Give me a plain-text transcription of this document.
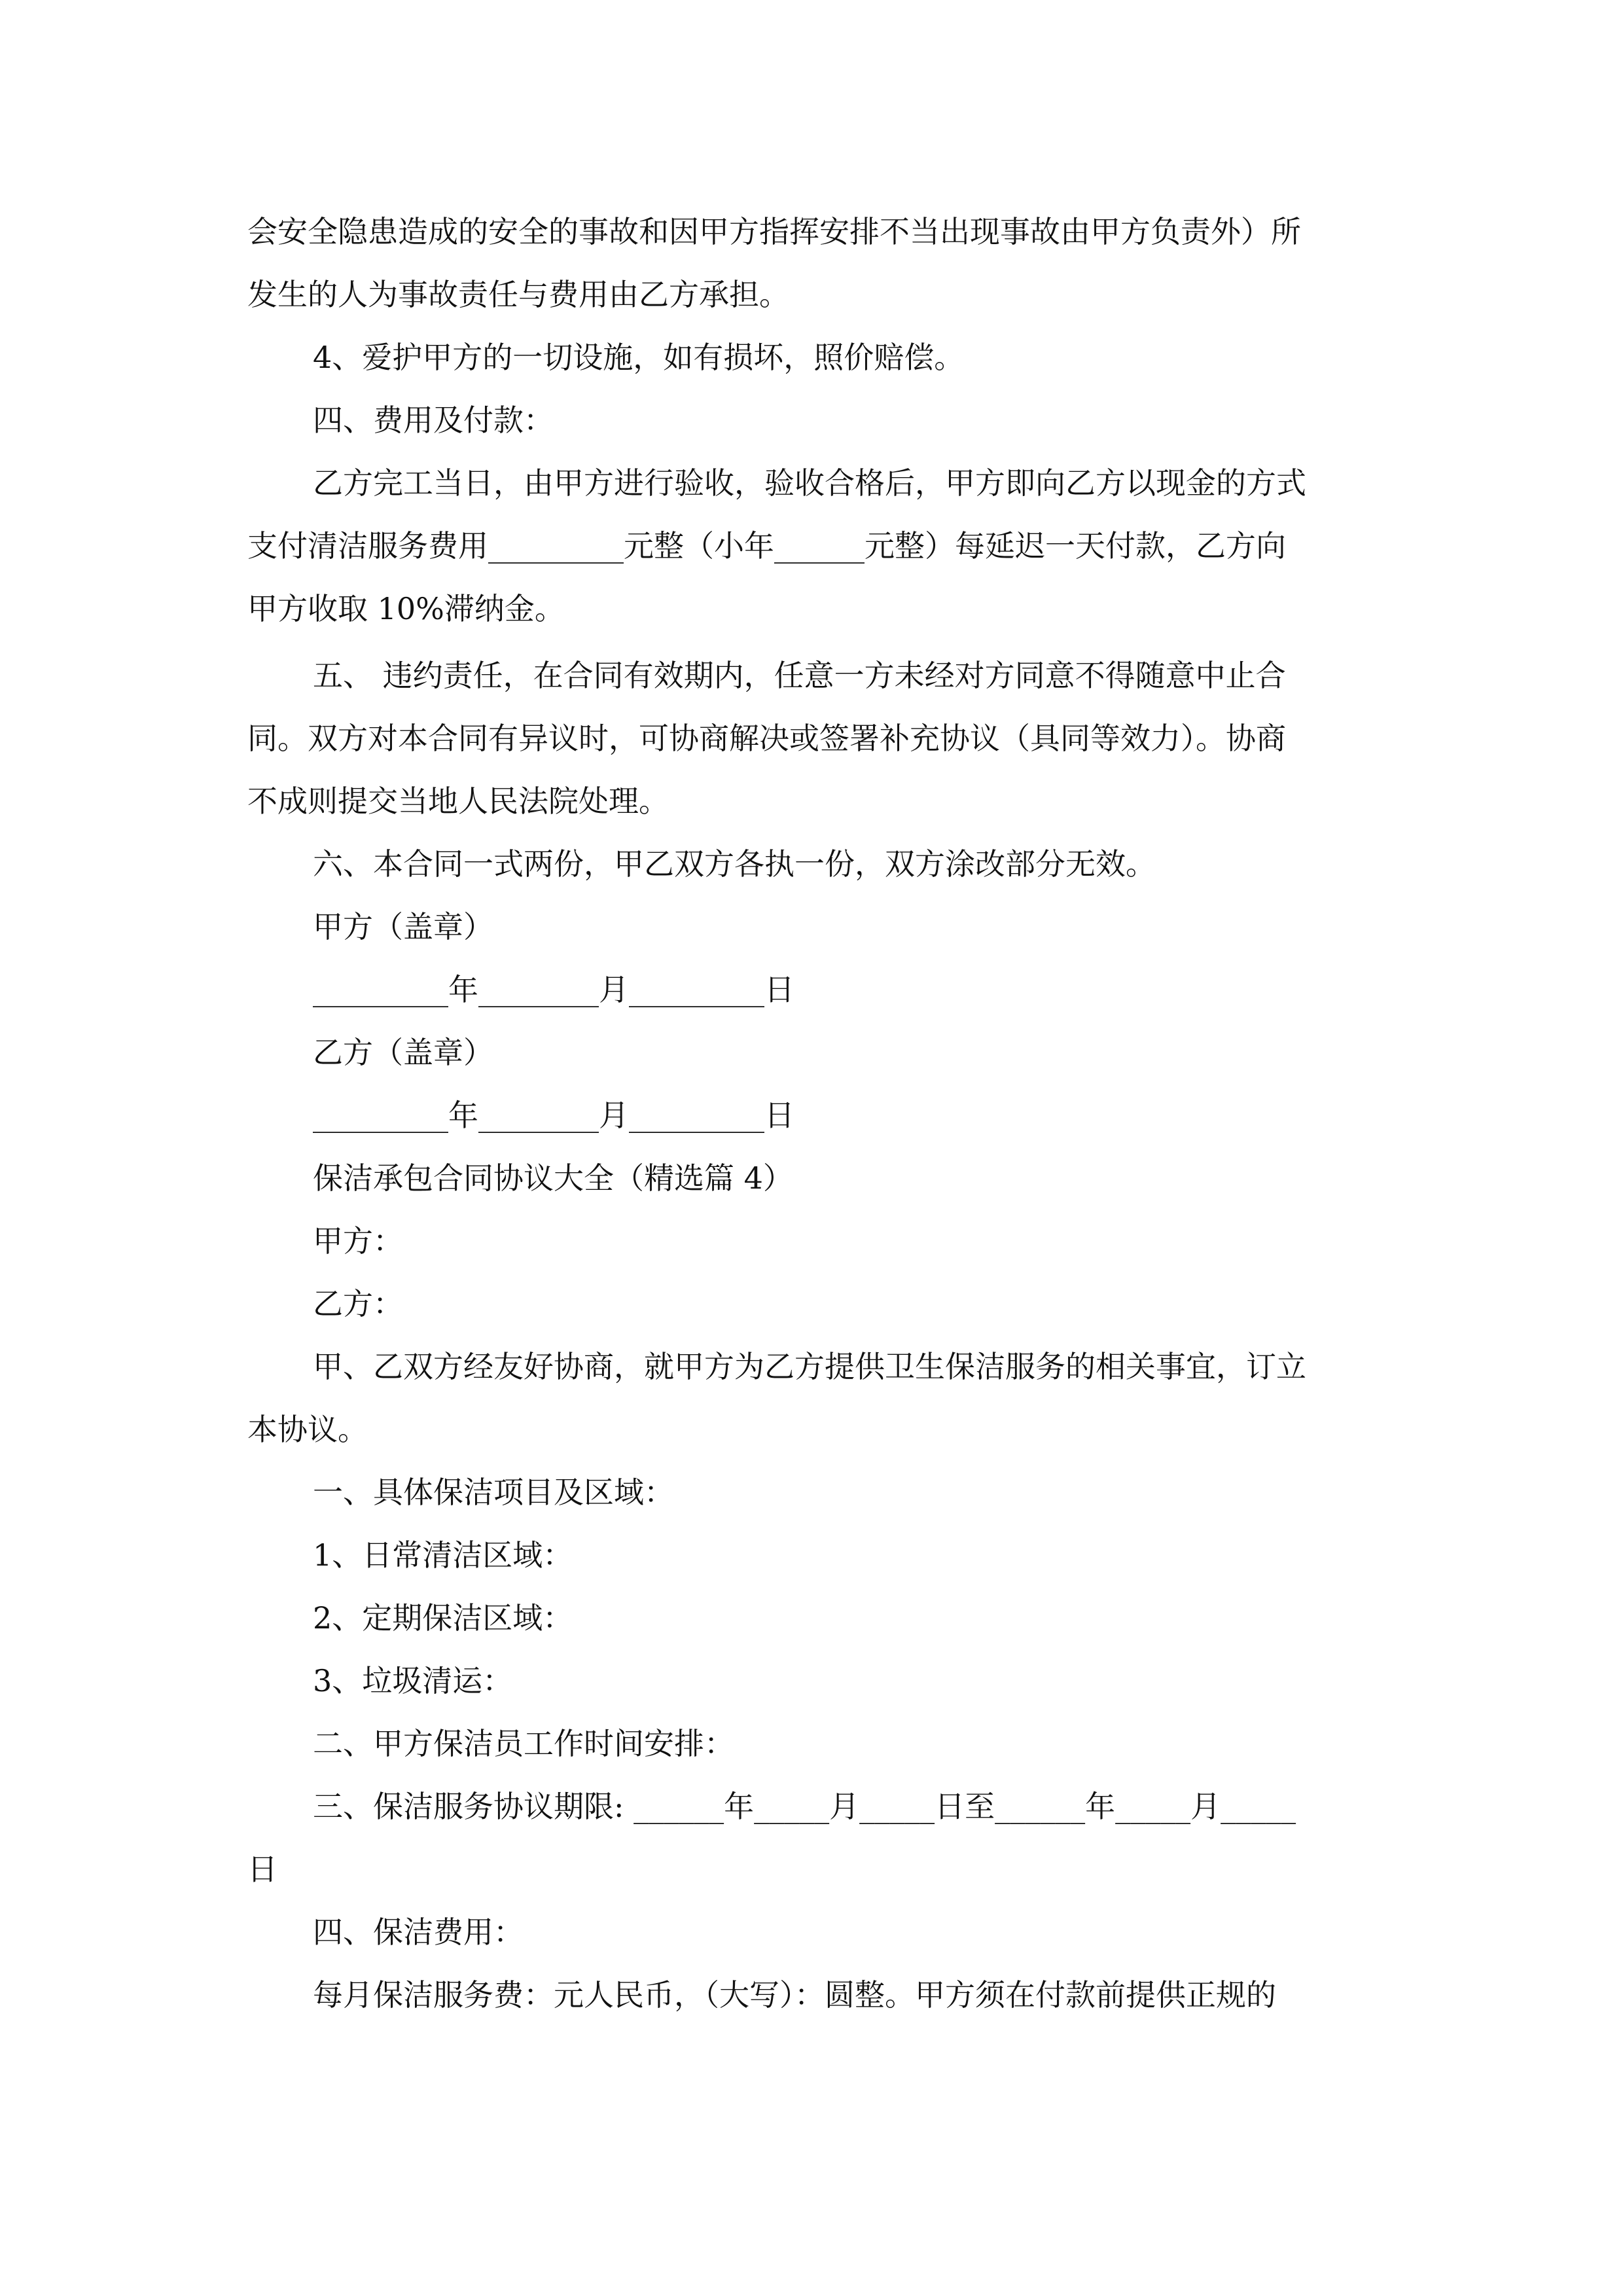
会安全隐患造成的安全的事故和因甲方指挥安排不当出现事故由甲方负责外）所
发生的人为事故责任与费用由乙方承担。
4、爱护甲方的一切设施，如有损坏，照价赔偿。
四、费用及付款：
乙方完工当日，由甲方进行验收，验收合格后，甲方即向乙方以现金的方式
支付清洁服务费用_________元整（小年______元整）每延迟一天付款，乙方向
甲方收取 10%滞纳金。
五、 违约责任，在合同有效期内，任意一方未经对方同意不得随意中止合
同。双方对本合同有异议时，可协商解决或签署补充协议（具同等效力）。协商
不成则提交当地人民法院处理。
六、本合同一式两份，甲乙双方各执一份，双方涂改部分无效。
甲方（盖章）
_________年________月_________日
乙方（盖章）
_________年________月_________日
保洁承包合同协议大全（精选篇 4）
甲方：
乙方：
甲、乙双方经友好协商，就甲方为乙方提供卫生保洁服务的相关事宜，订立
本协议。
一、具体保洁项目及区域：
1、日常清洁区域：
2、定期保洁区域：
3、垃圾清运：
二、甲方保洁员工作时间安排：
三、保洁服务协议期限: ______年_____月_____日至______年_____月_____
日
四、保洁费用：
每月保洁服务费：元人民币，（大写）：圆整。甲方须在付款前提供正规的
